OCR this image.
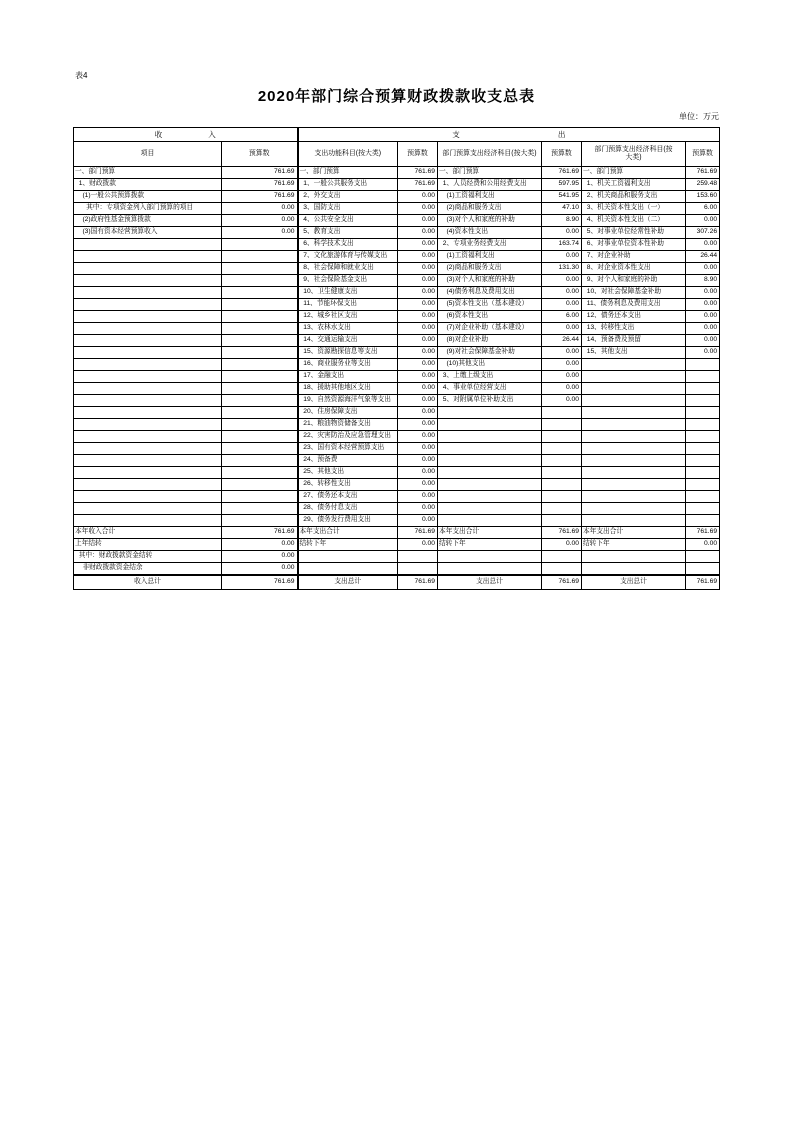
表4
2020年部门综合预算财政拨款收支总表
单位：万元
收 入		支 出					
项目	预算数	支出功能科目(按大类)	预算数	部门预算支出经济科目(按大类)	预算数	部门预算支出经济科目(按大类)	预算数
一、部门预算	761.69	一、部门预算	761.69	一、部门预算	761.69	一、部门预算	761.69
1、财政拨款	761.69	1、一般公共服务支出	761.69	1、人员经费和公用经费支出	597.95	1、机关工资福利支出	259.48
(1)一般公共预算拨款	761.69	2、外交支出	0.00	(1)工资福利支出	541.95	2、机关商品和服务支出	153.60
其中：专项资金列入部门预算的项目	0.00	3、国防支出	0.00	(2)商品和服务支出	47.10	3、机关资本性支出（一）	6.00
(2)政府性基金预算拨款	0.00	4、公共安全支出	0.00	(3)对个人和家庭的补助	8.90	4、机关资本性支出（二）	0.00
(3)国有资本经营预算收入	0.00	5、教育支出	0.00	(4)资本性支出	0.00	5、对事业单位经常性补助	307.26
		6、科学技术支出	0.00	2、专项业务经费支出	163.74	6、对事业单位资本性补助	0.00
		7、文化旅游体育与传媒支出	0.00	(1)工资福利支出	0.00	7、对企业补助	26.44
		8、社会保障和就业支出	0.00	(2)商品和服务支出	131.30	8、对企业资本性支出	0.00
		9、社会保险基金支出	0.00	(3)对个人和家庭的补助	0.00	9、对个人和家庭的补助	8.90
		10、卫生健康支出	0.00	(4)债务利息及费用支出	0.00	10、对社会保障基金补助	0.00
		11、节能环保支出	0.00	(5)资本性支出（基本建设）	0.00	11、债务利息及费用支出	0.00
		12、城乡社区支出	0.00	(6)资本性支出	6.00	12、债务还本支出	0.00
		13、农林水支出	0.00	(7)对企业补助（基本建设）	0.00	13、转移性支出	0.00
		14、交通运输支出	0.00	(8)对企业补助	26.44	14、预备费及预留	0.00
		15、资源勘探信息等支出	0.00	(9)对社会保障基金补助	0.00	15、其他支出	0.00
		16、商业服务业等支出	0.00	(10)其他支出	0.00		
		17、金融支出	0.00	3、上缴上级支出	0.00		
		18、援助其他地区支出	0.00	4、事业单位经营支出	0.00		
		19、自然资源海洋气象等支出	0.00	5、对附属单位补助支出	0.00		
		20、住房保障支出	0.00				
		21、粮油物资储备支出	0.00				
		22、灾害防治及应急管理支出	0.00				
		23、国有资本经营预算支出	0.00				
		24、预备费	0.00				
		25、其他支出	0.00				
		26、转移性支出	0.00				
		27、债务还本支出	0.00				
		28、债务付息支出	0.00				
		29、债务发行费用支出	0.00				
本年收入合计	761.69	本年支出合计	761.69	本年支出合计	761.69	本年支出合计	761.69
上年结转	0.00	结转下年	0.00	结转下年	0.00	结转下年	0.00
其中：财政拨款资金结转	0.00						
非财政拨款资金结余	0.00						
收入总计	761.69	支出总计	761.69	支出总计	761.69	支出总计	761.69
